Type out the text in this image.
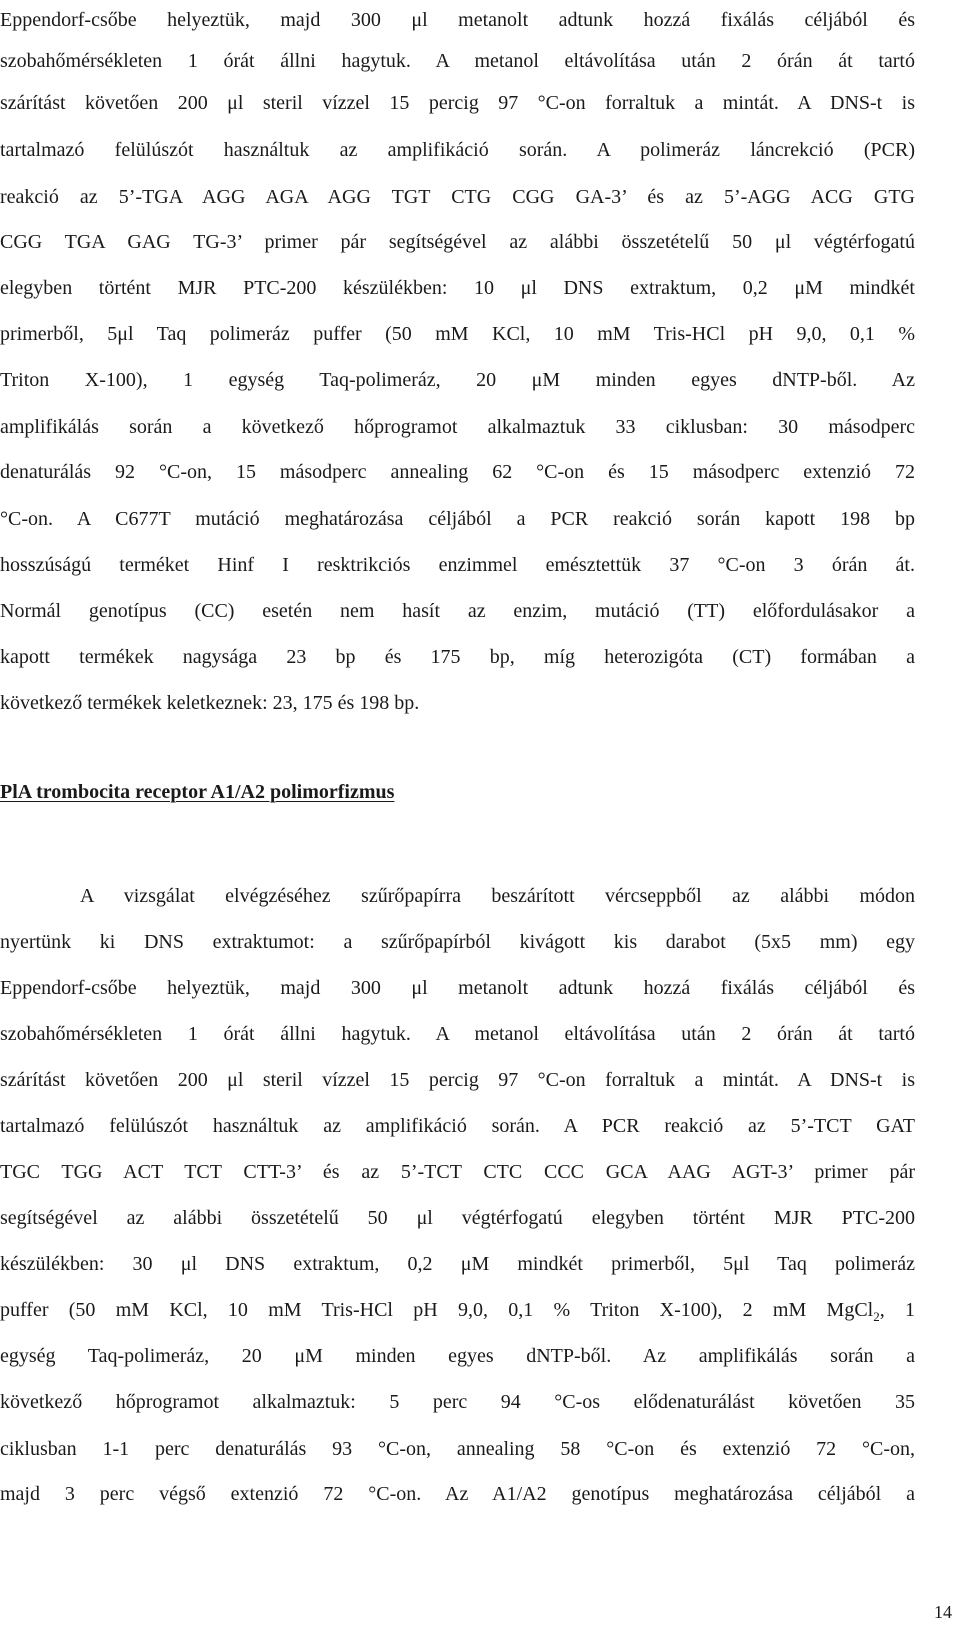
Eppendorf-csőbe helyeztük, majd 300 μl metanolt adtunk hozzá fixálás céljából és
szobahőmérsékleten 1 órát állni hagytuk. A metanol eltávolítása után 2 órán át tartó
szárítást követően 200 μl steril vízzel 15 percig 97 °C-on forraltuk a mintát. A DNS-t is
tartalmazó felülúszót használtuk az amplifikáció során. A polimeráz láncrekció (PCR)
reakció az 5’-TGA AGG AGA AGG TGT CTG CGG GA-3’ és az 5’-AGG ACG GTG
CGG TGA GAG TG-3’ primer pár segítségével az alábbi összetételű 50 μl végtérfogatú
elegyben történt MJR PTC-200 készülékben: 10 μl DNS extraktum, 0,2 μM mindkét
primerből, 5μl Taq polimeráz puffer (50 mM KCl, 10 mM Tris-HCl pH 9,0, 0,1 %
Triton X-100), 1 egység Taq-polimeráz, 20 μM minden egyes dNTP-ből. Az
amplifikálás során a következő hőprogramot alkalmaztuk 33 ciklusban: 30 másodperc
denaturálás 92 °C-on, 15 másodperc annealing 62 °C-on és 15 másodperc extenzió 72
°C-on. A C677T mutáció meghatározása céljából a PCR reakció során kapott 198 bp
hosszúságú terméket Hinf I resktrikciós enzimmel emésztettük 37 °C-on 3 órán át.
Normál genotípus (CC) esetén nem hasít az enzim, mutáció (TT) előfordulásakor a
kapott termékek nagysága 23 bp és 175 bp, míg heterozigóta (CT) formában a
következő termékek keletkeznek: 23, 175 és 198 bp.
PlA trombocita receptor A1/A2 polimorfizmus
A vizsgálat elvégzéséhez szűrőpapírra beszárított vércseppből az alábbi módon
nyertünk ki DNS extraktumot: a szűrőpapírból kivágott kis darabot (5x5 mm) egy
Eppendorf-csőbe helyeztük, majd 300 μl metanolt adtunk hozzá fixálás céljából és
szobahőmérsékleten 1 órát állni hagytuk. A metanol eltávolítása után 2 órán át tartó
szárítást követően 200 μl steril vízzel 15 percig 97 °C-on forraltuk a mintát. A DNS-t is
tartalmazó felülúszót használtuk az amplifikáció során. A PCR reakció az 5’-TCT GAT
TGC TGG ACT TCT CTT-3’ és az 5’-TCT CTC CCC GCA AAG AGT-3’ primer pár
segítségével az alábbi összetételű 50 μl végtérfogatú elegyben történt MJR PTC-200
készülékben: 30 μl DNS extraktum, 0,2 μM mindkét primerből, 5μl Taq polimeráz
puffer (50 mM KCl, 10 mM Tris-HCl pH 9,0, 0,1 % Triton X-100), 2 mM MgCl$_2$, 1
egység Taq-polimeráz, 20 μM minden egyes dNTP-ből. Az amplifikálás során a
következő hőprogramot alkalmaztuk: 5 perc 94 °C-os elődenaturálást követően 35
ciklusban 1-1 perc denaturálás 93 °C-on, annealing 58 °C-on és extenzió 72 °C-on,
majd 3 perc végső extenzió 72 °C-on. Az A1/A2 genotípus meghatározása céljából a
14
